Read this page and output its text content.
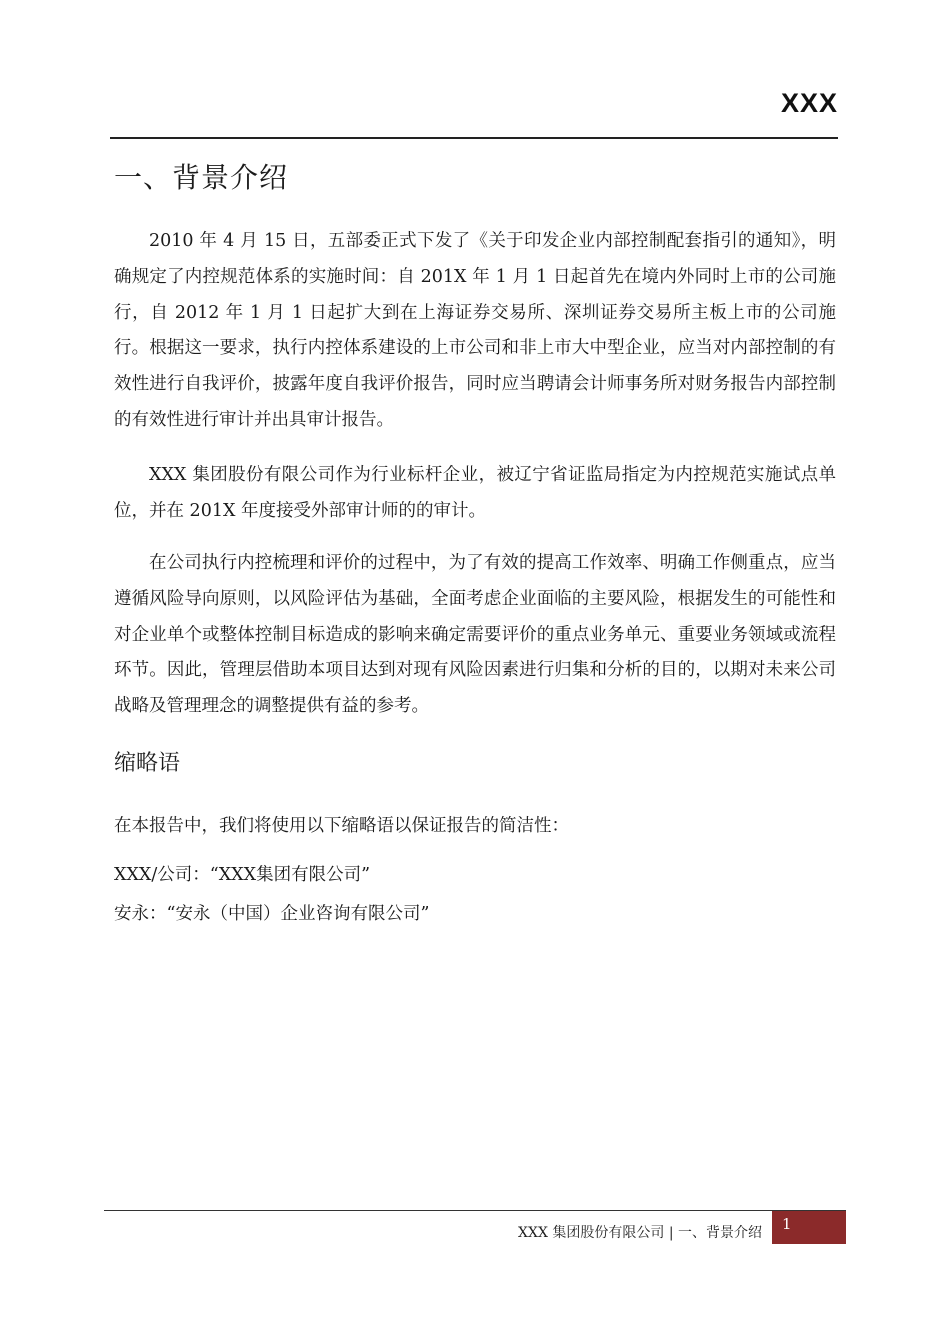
XXX
一、背景介绍

2010 年 4 月 15 日，五部委正式下发了《关于印发企业内部控制配套指引的通知》，明确规定了内控规范体系的实施时间：自 201X 年 1 月 1 日起首先在境内外同时上市的公司施行，自 2012 年 1 月 1 日起扩大到在上海证券交易所、深圳证券交易所主板上市的公司施行。根据这一要求，执行内控体系建设的上市公司和非上市大中型企业，应当对内部控制的有效性进行自我评价，披露年度自我评价报告，同时应当聘请会计师事务所对财务报告内部控制的有效性进行审计并出具审计报告。

XXX 集团股份有限公司作为行业标杆企业，被辽宁省证监局指定为内控规范实施试点单位，并在 201X 年度接受外部审计师的的审计。

在公司执行内控梳理和评价的过程中，为了有效的提高工作效率、明确工作侧重点，应当遵循风险导向原则，以风险评估为基础，全面考虑企业面临的主要风险，根据发生的可能性和对企业单个或整体控制目标造成的影响来确定需要评价的重点业务单元、重要业务领域或流程环节。因此，管理层借助本项目达到对现有风险因素进行归集和分析的目的，以期对未来公司战略及管理理念的调整提供有益的参考。

缩略语

在本报告中，我们将使用以下缩略语以保证报告的简洁性：

XXX/公司：“XXX集团有限公司”

安永：“安永（中国）企业咨询有限公司”

XXX 集团股份有限公司 | 一、背景介绍 1
